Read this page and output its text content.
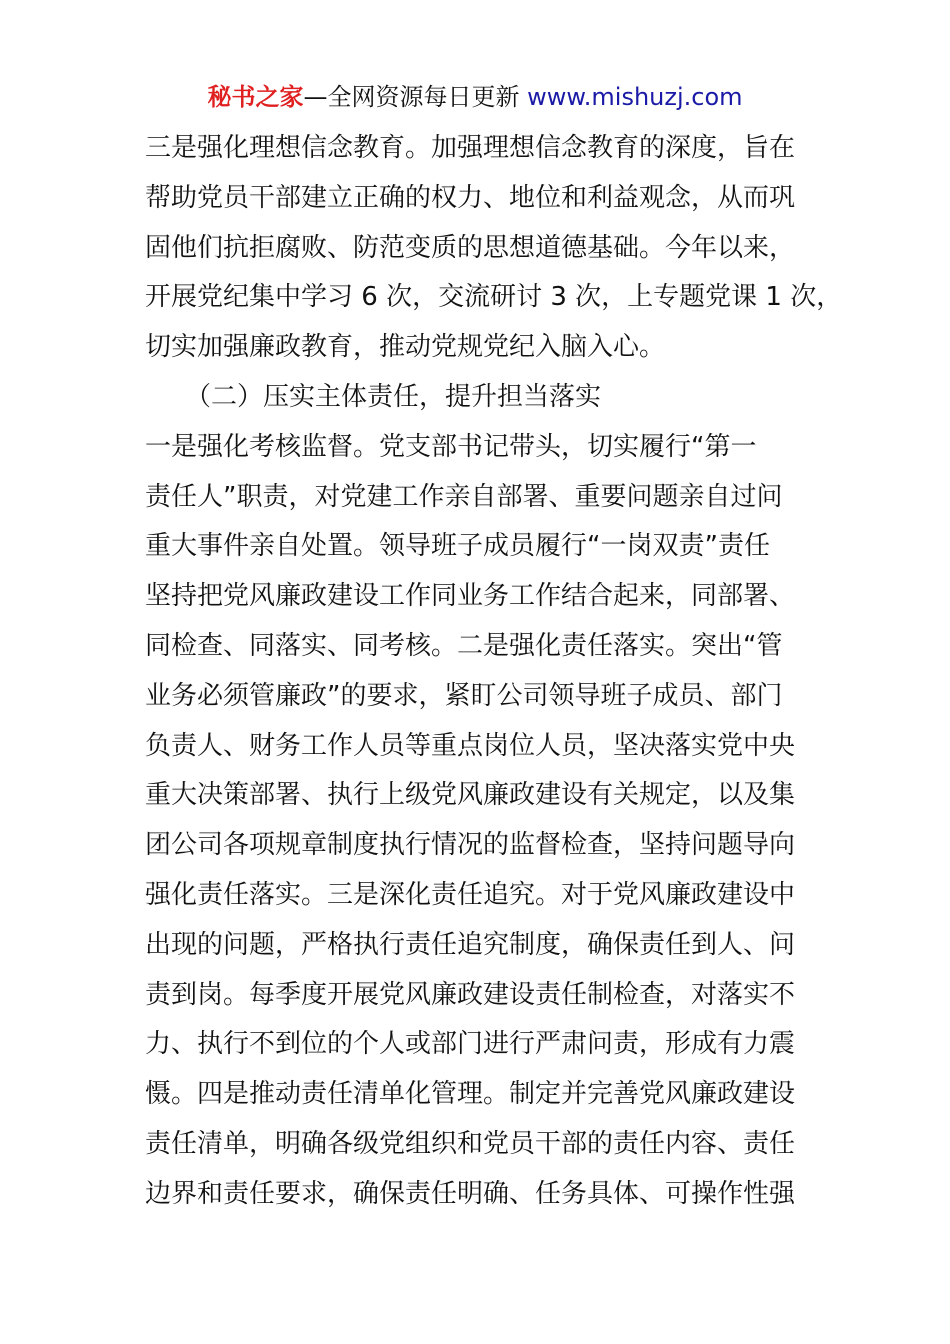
秘书之家—全网资源每日更新 www.mishuzj.com
三是强化理想信念教育。加强理想信念教育的深度，旨在
帮助党员干部建立正确的权力、地位和利益观念，从而巩
固他们抗拒腐败、防范变质的思想道德基础。今年以来，
开展党纪集中学习 6 次，交流研讨 3 次，上专题党课 1 次，
切实加强廉政教育，推动党规党纪入脑入心。
（二）压实主体责任，提升担当落实
一是强化考核监督。党支部书记带头，切实履行“第一
责任人”职责，对党建工作亲自部署、重要问题亲自过问
重大事件亲自处置。领导班子成员履行“一岗双责”责任
坚持把党风廉政建设工作同业务工作结合起来，同部署、
同检查、同落实、同考核。二是强化责任落实。突出“管
业务必须管廉政”的要求，紧盯公司领导班子成员、部门
负责人、财务工作人员等重点岗位人员，坚决落实党中央
重大决策部署、执行上级党风廉政建设有关规定，以及集
团公司各项规章制度执行情况的监督检查，坚持问题导向
强化责任落实。三是深化责任追究。对于党风廉政建设中
出现的问题，严格执行责任追究制度，确保责任到人、问
责到岗。每季度开展党风廉政建设责任制检查，对落实不
力、执行不到位的个人或部门进行严肃问责，形成有力震
慑。四是推动责任清单化管理。制定并完善党风廉政建设
责任清单，明确各级党组织和党员干部的责任内容、责任
边界和责任要求，确保责任明确、任务具体、可操作性强
